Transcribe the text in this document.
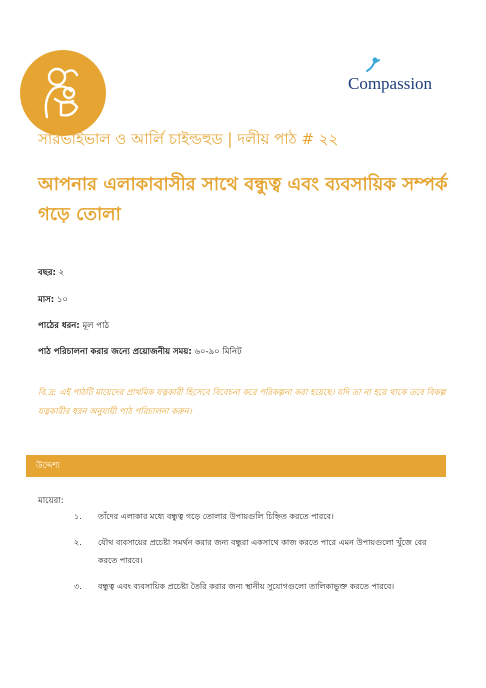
Compassion
সারভাইভাল ও আর্লি চাইল্ডহুড | দলীয় পাঠ # ২২
আপনার এলাকাবাসীর সাথে বন্ধুত্ব এবং ব্যবসায়িক সম্পর্ক গড়ে তোলা
বছর: ২
মাস: ১০
পাঠের ধরন: মূল পাঠ
পাঠ পরিচালনা করার জন্যে প্রয়োজনীয় সময়: ৬০-৯০ মিনিট
বি.দ্র: এই পাঠটি মায়েদের প্রাথমিক যত্নকারী হিসেবে বিবেচনা করে পরিকল্পনা করা হয়েছে। যদি তা না হয়ে থাকে তবে বিকল্প যত্নকারীর ধরন অনুযায়ী পাঠ পরিচালনা করুন।
উদ্দেশ্য
মায়েরা:
১. তাঁদের এলাকার মধ্যে বন্ধুত্ব গড়ে তোলার উপায়গুলি চিহ্নিত করতে পারবে।
২. যৌথ ব্যবসায়ের প্রচেষ্টা সমর্থন করার জন্য বন্ধুরা একসাথে কাজ করতে পারে এমন উপায়গুলো খুঁজে বের করতে পারবে।
৩. বন্ধুত্ব এবং ব্যবসায়িক প্রচেষ্টা তৈরি করার জন্য স্থানীয় সুযোগগুলো তালিকাভুক্ত করতে পারবে।
